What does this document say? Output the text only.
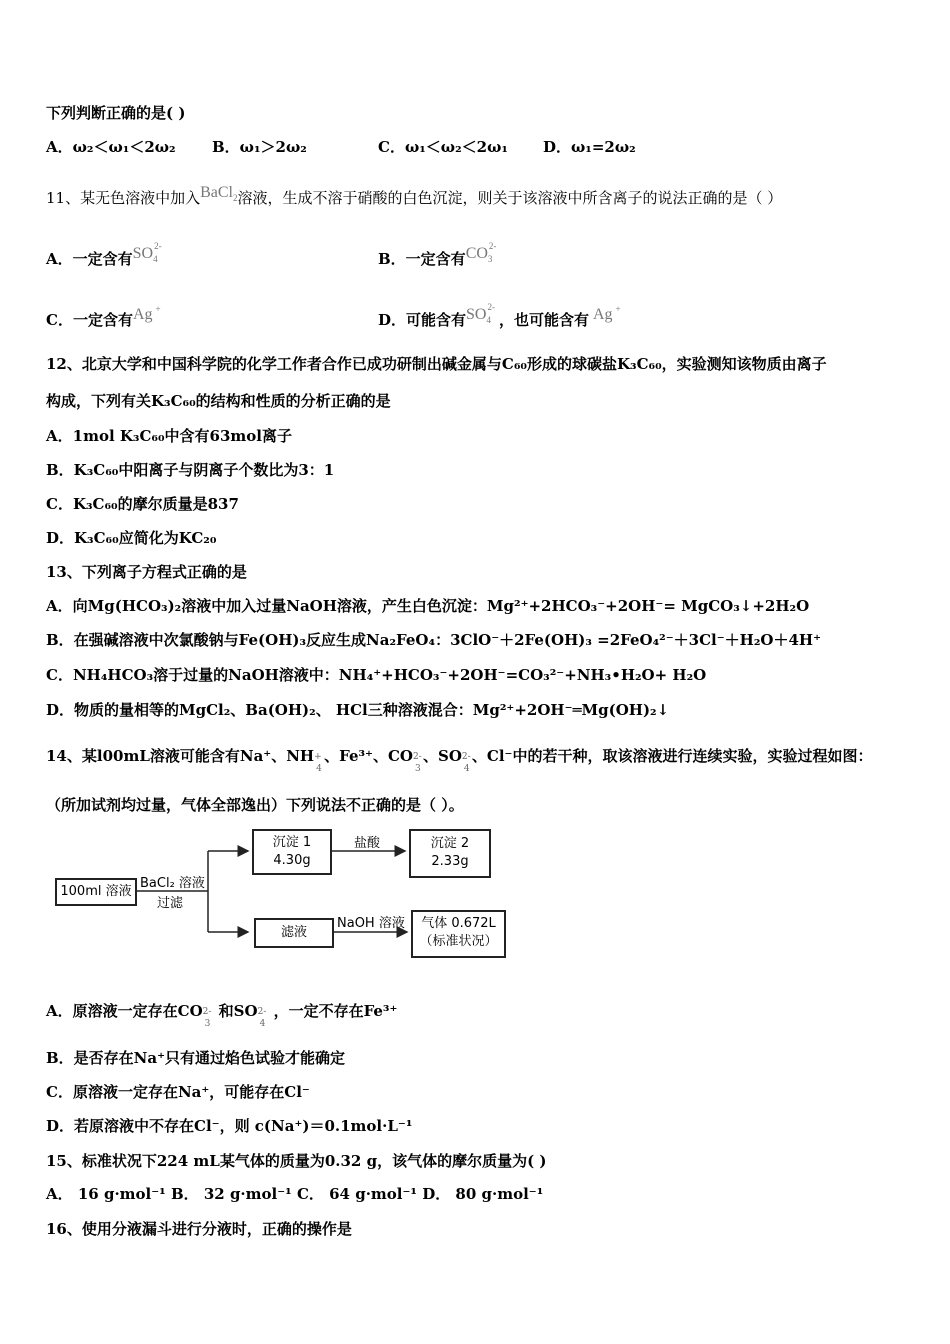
下列判断正确的是( )
A．ω₂＜ω₁＜2ω₂ B．ω₁＞2ω₂	C．ω₁＜ω₂＜2ω₁ D．ω₁=2ω₂
11、某无色溶液中加入BaCl$_2$溶液，生成不溶于硝酸的白色沉淀，则关于该溶液中所含离子的说法正确的是（ ）
A．一定含有$SO_4$
2-
B．一定含有$CO_3$
2-
C．一定含有Ag +
D．可能含有$SO_4$
2-
，也可能含有 Ag +
12、北京大学和中国科学院的化学工作者合作已成功研制出碱金属与C₆₀形成的球碳盐K₃C₆₀，实验测知该物质由离子
构成，下列有关K₃C₆₀的结构和性质的分析正确的是
A．1mol K₃C₆₀中含有63mol离子
B．K₃C₆₀中阳离子与阴离子个数比为3：1
C．K₃C₆₀的摩尔质量是837
D．K₃C₆₀应简化为KC₂₀
13、下列离子方程式正确的是
A．向Mg(HCO₃)₂溶液中加入过量NaOH溶液，产生白色沉淀：Mg²⁺+2HCO₃⁻+2OH⁻= MgCO₃↓+2H₂O
B．在强碱溶液中次氯酸钠与Fe(OH)₃反应生成Na₂FeO₄：3ClO⁻＋2Fe(OH)₃ =2FeO₄²⁻＋3Cl⁻＋H₂O＋4H⁺
C．NH₄HCO₃溶于过量的NaOH溶液中：NH₄⁺+HCO₃⁻+2OH⁻=CO₃²⁻+NH₃•H₂O+ H₂O
D．物质的量相等的MgCl₂、Ba(OH)₂、 HCl三种溶液混合：Mg²⁺+2OH⁻═Mg(OH)₂↓
14、某l00mL溶液可能含有Na⁺、NH +
4
、Fe³⁺、CO 2-
3
、SO 2-
4
、Cl⁻中的若干种，取该溶液进行连续实验，实验过程如图：
（所加试剂均过量，气体全部逸出）下列说法不正确的是（ ）。
100ml 溶液
BaCl₂ 溶液
过滤
沉淀 1
4.30g
盐酸	沉淀 2
2.33g
滤液
NaOH 溶液	气体 0.672L
（标准状况）
A．原溶液一定存在CO 2-
3
和SO 2-
4
，一定不存在Fe³⁺
B．是否存在Na⁺只有通过焰色试验才能确定
C．原溶液一定存在Na⁺，可能存在Cl⁻
D．若原溶液中不存在Cl⁻，则 c(Na⁺)＝0.1mol·L⁻¹
15、标准状况下224 mL某气体的质量为0.32 g，该气体的摩尔质量为( )
A． 16 g·mol⁻¹ B． 32 g·mol⁻¹ C． 64 g·mol⁻¹ D． 80 g·mol⁻¹
16、使用分液漏斗进行分液时，正确的操作是
